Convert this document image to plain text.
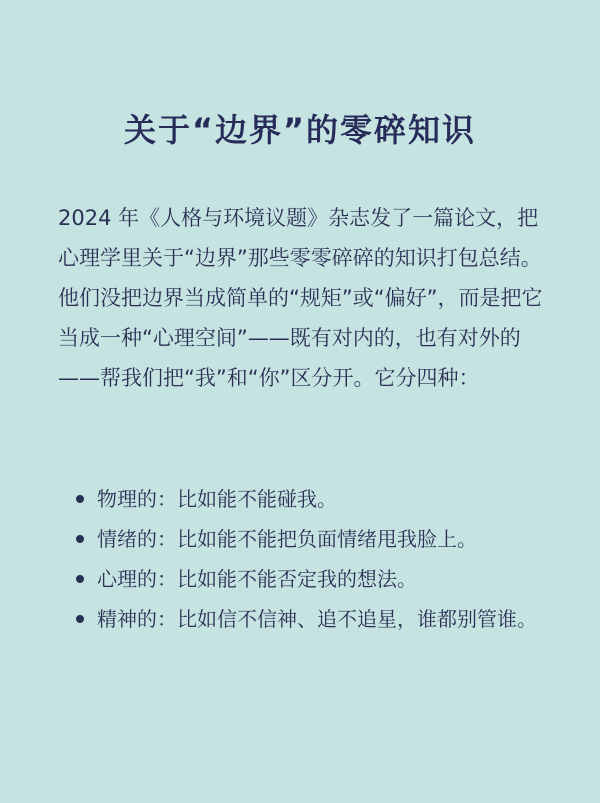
关于“边界”的零碎知识

2024 年《人格与环境议题》杂志发了一篇论文，把心理学里关于“边界”那些零零碎碎的知识打包总结。他们没把边界当成简单的“规矩”或“偏好”，而是把它当成一种“心理空间”——既有对内的，也有对外的——帮我们把“我”和“你”区分开。它分四种：

物理的：比如能不能碰我。
情绪的：比如能不能把负面情绪甩我脸上。
心理的：比如能不能否定我的想法。
精神的：比如信不信神、追不追星，谁都别管谁。
